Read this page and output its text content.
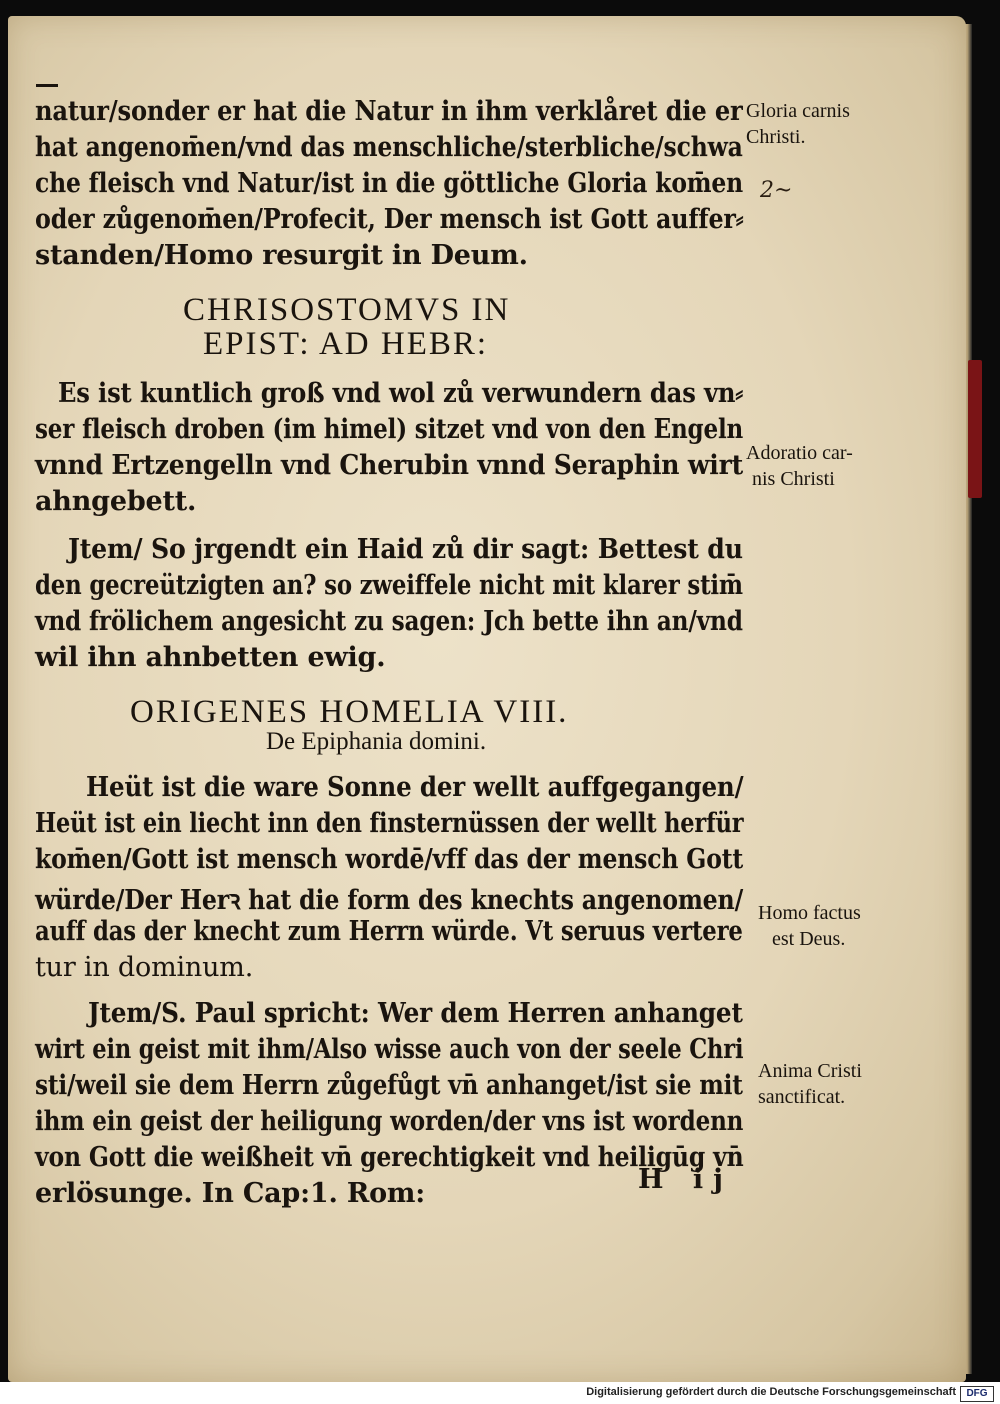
natur/sonder er hat die Natur in ihm verklåret die er
hat angenom̄en/vnd das menschliche/sterbliche/schwa
che fleisch vnd Natur/ist in die göttliche Gloria kom̄en
oder zůgenom̄en/Profecit, Der mensch ist Gott auffer⸗
standen/Homo resurgit in Deum.
CHRISOSTOMVS IN
EPIST: AD HEBR:
Es ist kuntlich groß vnd wol zů verwundern das vn⸗
ser fleisch droben (im himel) sitzet vnd von den Engeln
vnnd Ertzengelln vnd Cherubin vnnd Seraphin wirt
ahngebett.
Jtem/ So jrgendt ein Haid zů dir sagt: Bettest du
den gecreützigten an? so zweiffele nicht mit klarer stim̄
vnd frölichem angesicht zu sagen: Jch bette ihn an/vnd
wil ihn ahnbetten ewig.
ORIGENES HOMELIA VIII.
De Epiphania domini.
Heüt ist die ware Sonne der wellt auffgegangen/
Heüt ist ein liecht inn den finsternüssen der wellt herfür
kom̄en/Gott ist mensch wordē/vff das der mensch Gott
würde/Der Herꝛ hat die form des knechts angenomen/
auff das der knecht zum Herrn würde. Vt seruus vertere
tur in dominum.
Jtem/S. Paul spricht: Wer dem Herren anhanget
wirt ein geist mit ihm/Also wisse auch von der seele Chri
sti/weil sie dem Herrn zůgefůgt vn̄ anhanget/ist sie mit
ihm ein geist der heiligung worden/der vns ist wordenn
von Gott die weißheit vn̄ gerechtigkeit vnd heiligūg vn̄
erlösunge. In Cap:1. Rom:	H ij
Gloria carnis
Christi.
2~
Adoratio car-
nis Christi
Homo factus
est Deus.
Anima Cristi
sanctificat.
Digitalisierung gefördert durch die Deutsche Forschungsgemeinschaft	DFG
